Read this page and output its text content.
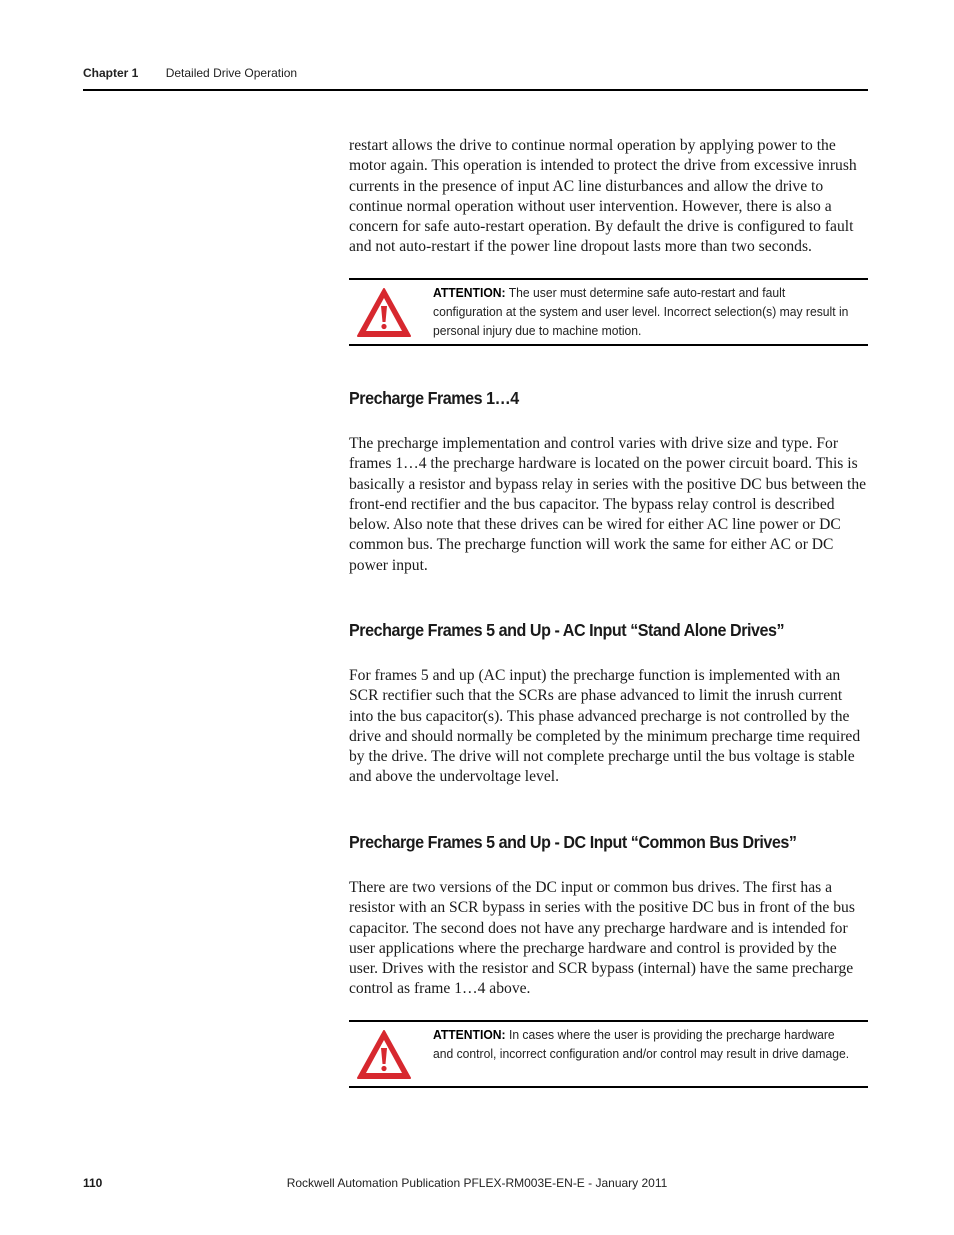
Chapter 1 Detailed Drive Operation

restart allows the drive to continue normal operation by applying power to the motor again. This operation is intended to protect the drive from excessive inrush currents in the presence of input AC line disturbances and allow the drive to continue normal operation without user intervention. However, there is also a concern for safe auto-restart operation. By default the drive is configured to fault and not auto-restart if the power line dropout lasts more than two seconds.

ATTENTION: The user must determine safe auto-restart and fault configuration at the system and user level. Incorrect selection(s) may result in personal injury due to machine motion.
Precharge Frames 1…4

The precharge implementation and control varies with drive size and type. For frames 1…4 the precharge hardware is located on the power circuit board. This is basically a resistor and bypass relay in series with the positive DC bus between the front-end rectifier and the bus capacitor. The bypass relay control is described below. Also note that these drives can be wired for either AC line power or DC common bus. The precharge function will work the same for either AC or DC power input.

Precharge Frames 5 and Up - AC Input “Stand Alone Drives”

For frames 5 and up (AC input) the precharge function is implemented with an SCR rectifier such that the SCRs are phase advanced to limit the inrush current into the bus capacitor(s). This phase advanced precharge is not controlled by the drive and should normally be completed by the minimum precharge time required by the drive. The drive will not complete precharge until the bus voltage is stable and above the undervoltage level.

Precharge Frames 5 and Up - DC Input “Common Bus Drives”

There are two versions of the DC input or common bus drives. The first has a resistor with an SCR bypass in series with the positive DC bus in front of the bus capacitor. The second does not have any precharge hardware and is intended for user applications where the precharge hardware and control is provided by the user. Drives with the resistor and SCR bypass (internal) have the same precharge control as frame 1…4 above.

ATTENTION: In cases where the user is providing the precharge hardware and control, incorrect configuration and/or control may result in drive damage.
110	Rockwell Automation Publication PFLEX-RM003E-EN-E - January 2011
